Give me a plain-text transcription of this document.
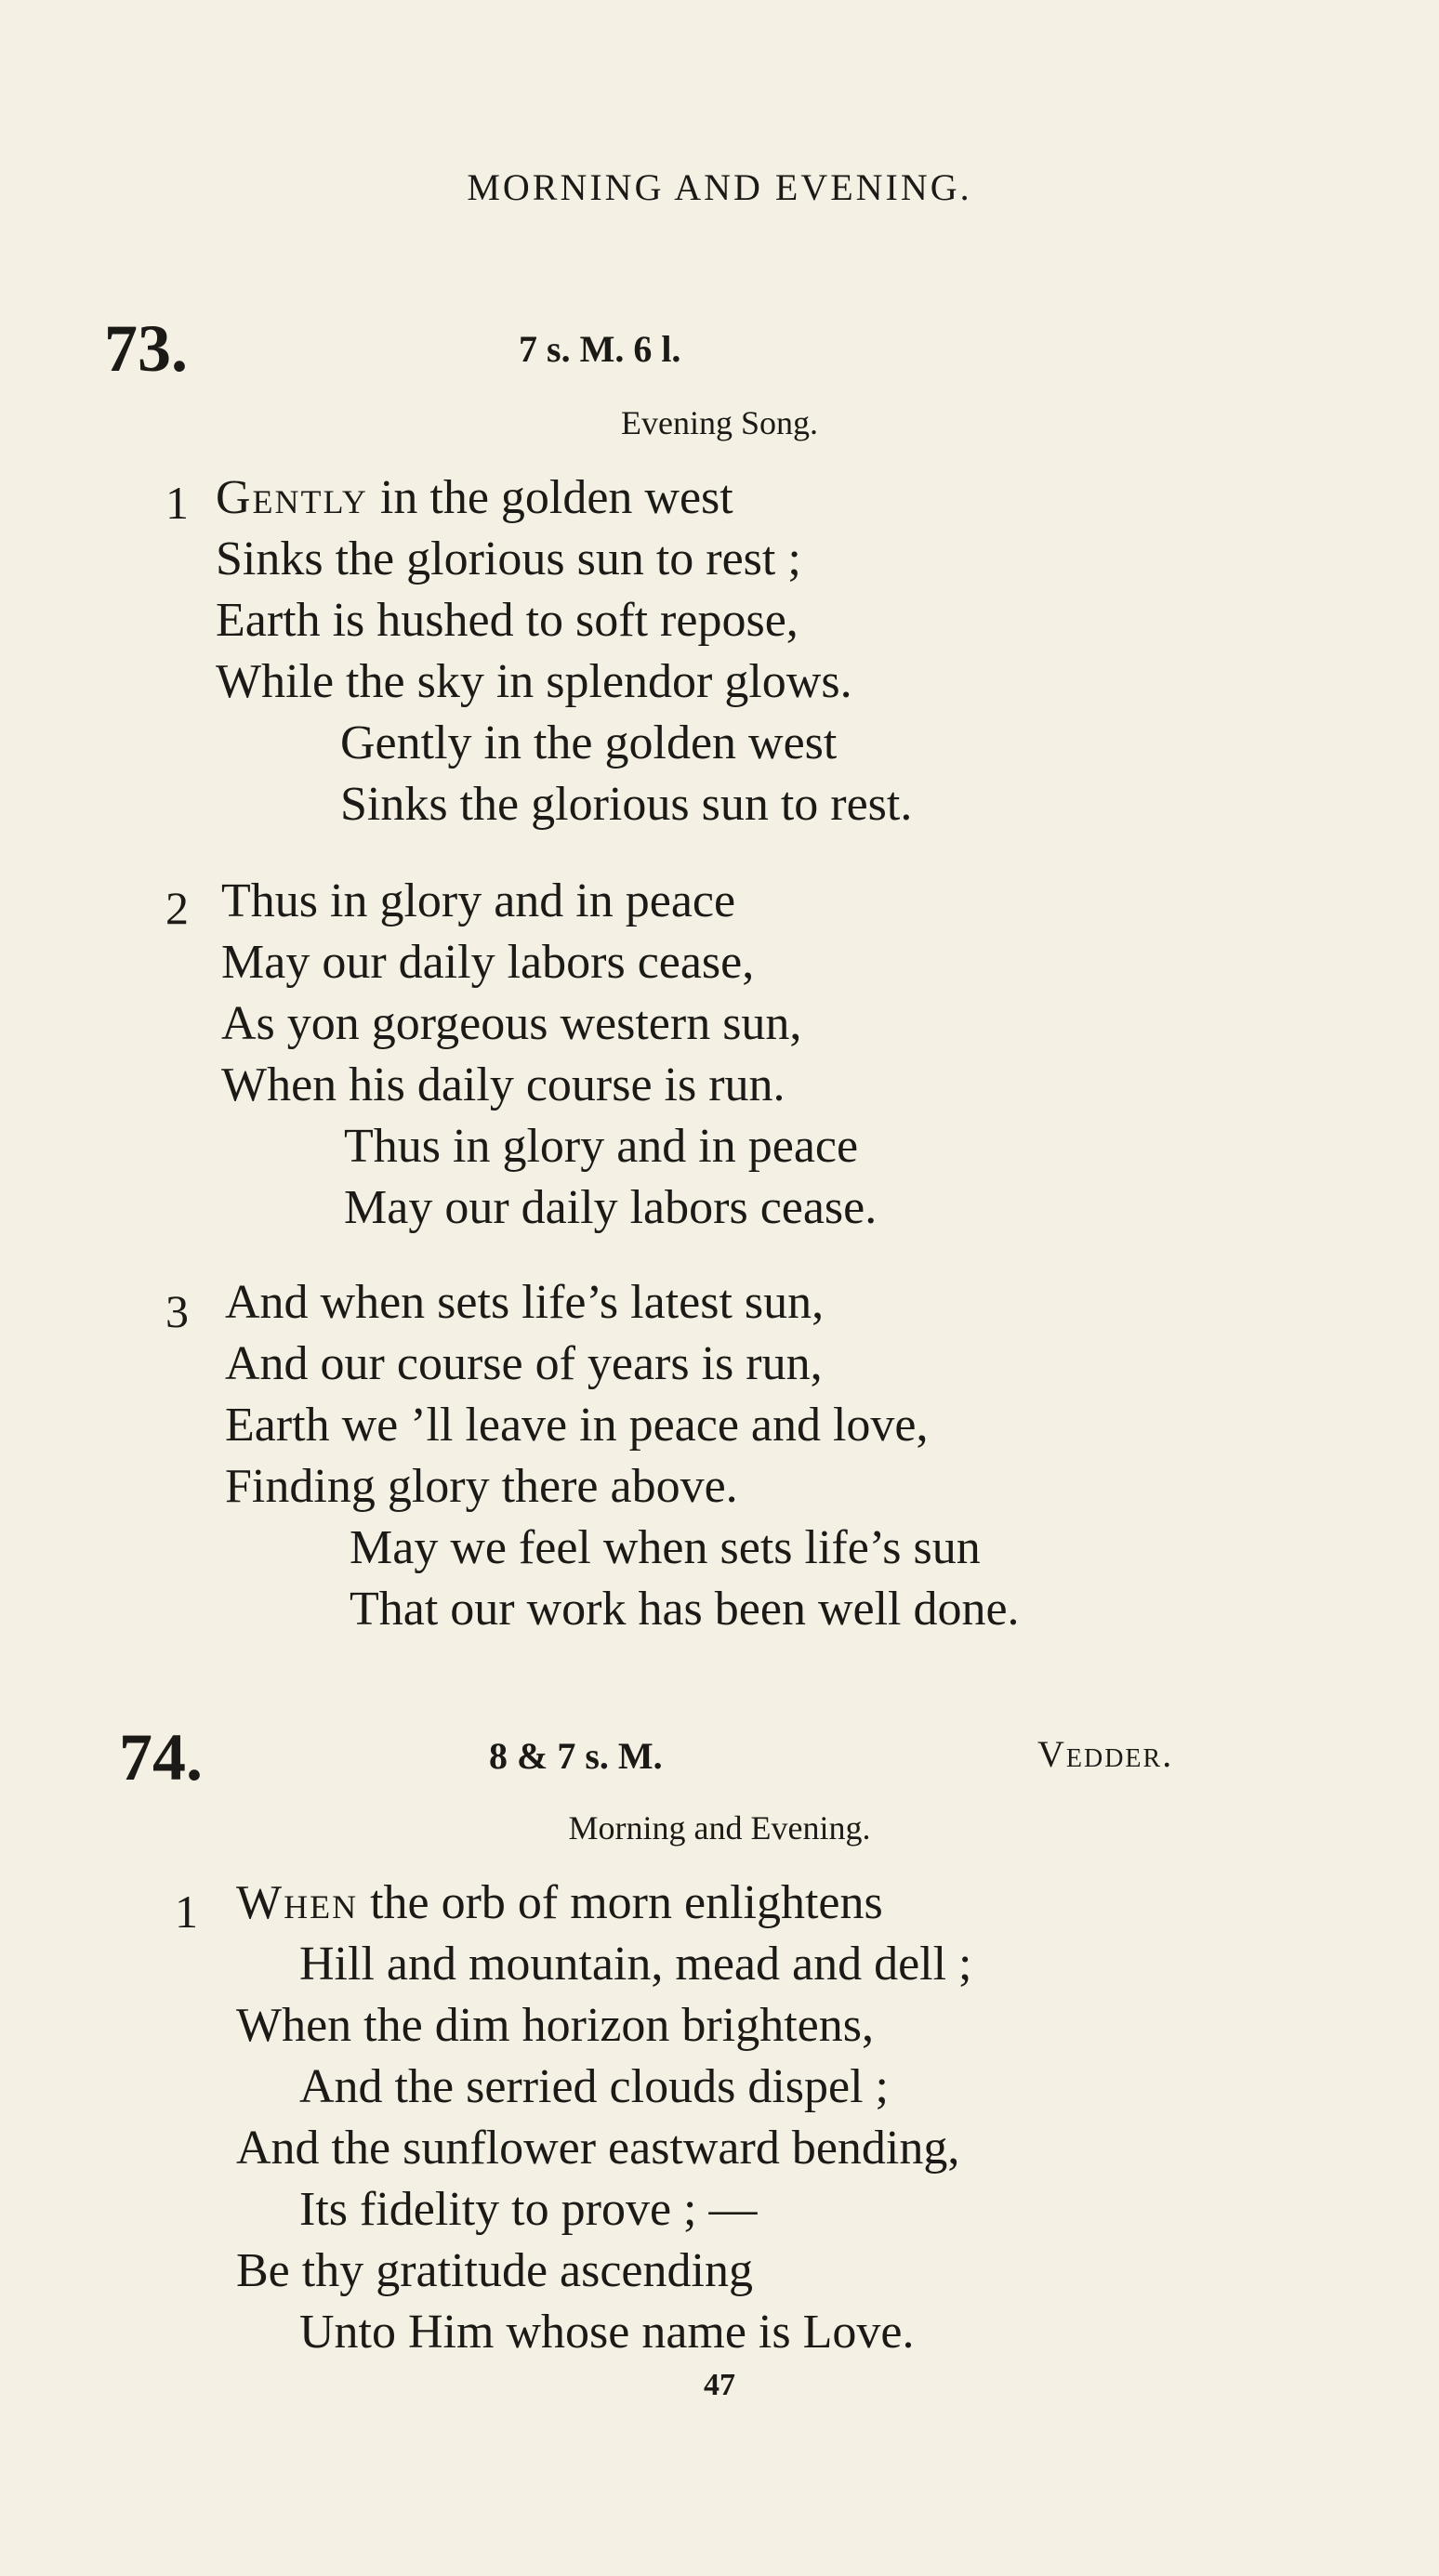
MORNING AND EVENING.
73.	7 s. M. 6 l.
Evening Song.
1 Gently in the golden west
Sinks the glorious sun to rest ;
Earth is hushed to soft repose,
While the sky in splendor glows.
Gently in the golden west
Sinks the glorious sun to rest.
2 Thus in glory and in peace
May our daily labors cease,
As yon gorgeous western sun,
When his daily course is run.
Thus in glory and in peace
May our daily labors cease.
3 And when sets life’s latest sun,
And our course of years is run,
Earth we ’ll leave in peace and love,
Finding glory there above.
May we feel when sets life’s sun
That our work has been well done.
74.	8 & 7 s. M.	Vedder.
Morning and Evening.
1 When the orb of morn enlightens
Hill and mountain, mead and dell ;
When the dim horizon brightens,
And the serried clouds dispel ;
And the sunflower eastward bending,
Its fidelity to prove ; —
Be thy gratitude ascending
Unto Him whose name is Love.
47
